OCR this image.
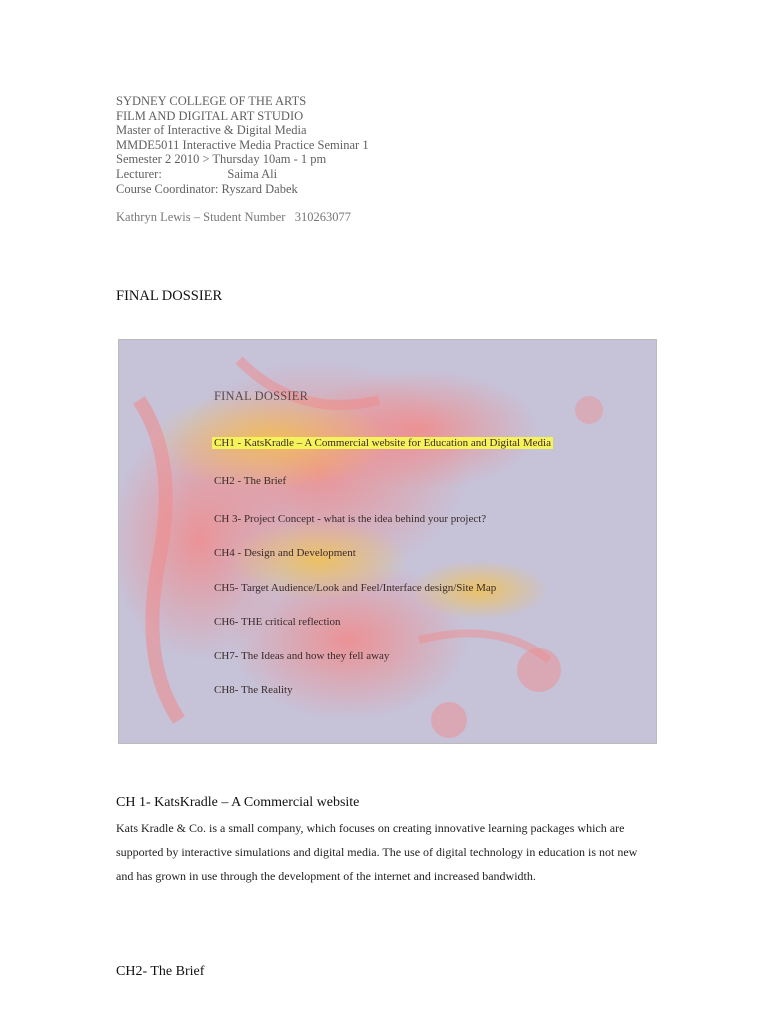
SYDNEY COLLEGE OF THE ARTS
FILM AND DIGITAL ART STUDIO
Master of Interactive & Digital Media
MMDE5011 Interactive Media Practice Seminar 1
Semester 2 2010 > Thursday 10am - 1 pm
Lecturer:                     Saima Ali
Course Coordinator: Ryszard Dabek
Kathryn Lewis – Student Number   310263077
FINAL DOSSIER
FINAL DOSSIER
CH1 - KatsKradle – A Commercial website for Education and Digital Media
CH2 - The Brief
CH 3- Project Concept - what is the idea behind your project?
CH4 - Design and Development
CH5- Target Audience/Look and Feel/Interface design/Site Map
CH6- THE critical reflection
CH7- The Ideas and how they fell away
CH8- The Reality
CH 1- KatsKradle – A Commercial website
Kats Kradle & Co. is a small company, which focuses on creating innovative learning packages which are supported by interactive simulations and digital media. The use of digital technology in education is not new and has grown in use through the development of the internet and increased bandwidth.
CH2- The Brief
